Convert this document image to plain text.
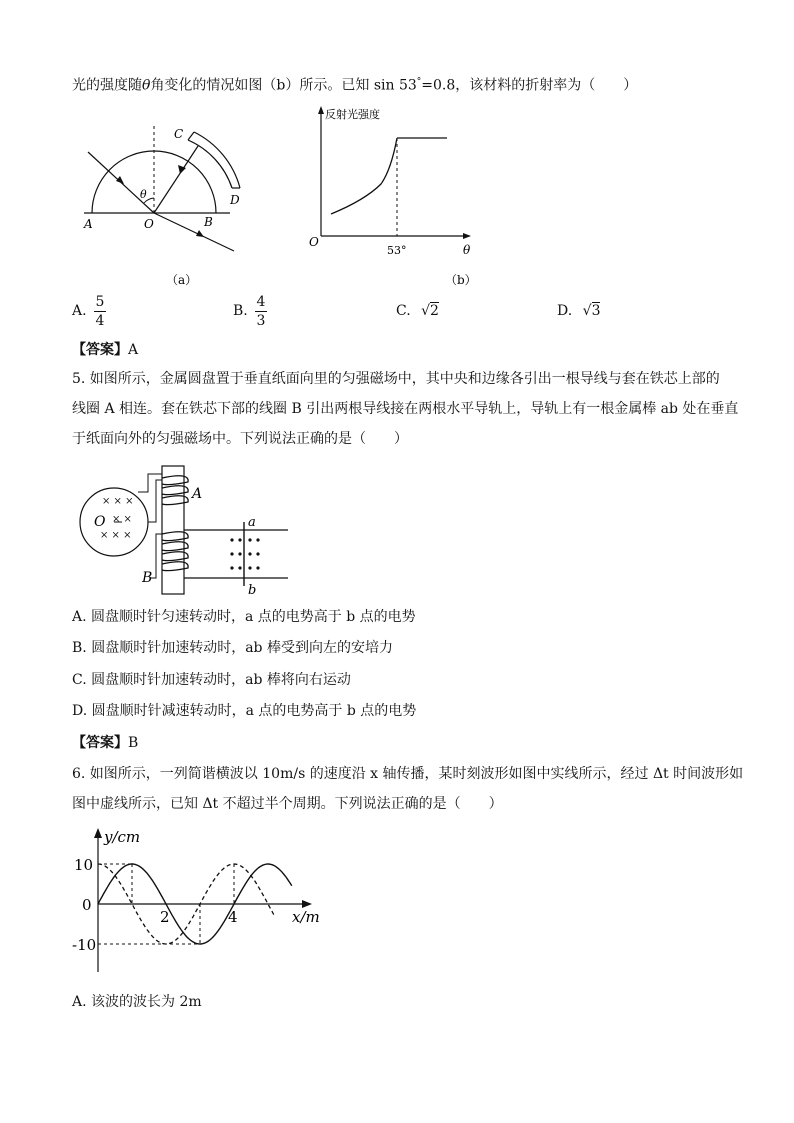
光的强度随θ角变化的情况如图（b）所示。已知 sin 53°=0.8，该材料的折射率为（　　）
C
D
A	O	B
θ
（a）
反射光强度
O
53°	θ
（b）
A.
5
4
B.
4
3
C. √2	D. √3
【答案】A
5. 如图所示，金属圆盘置于垂直纸面向里的匀强磁场中，其中央和边缘各引出一根导线与套在铁芯上部的
线圈 A 相连。套在铁芯下部的线圈 B 引出两根导线接在两根水平导轨上，导轨上有一根金属棒 ab 处在垂直
于纸面向外的匀强磁场中。下列说法正确的是（　　）
× × ×
× ×
× × ×
O
A
B
a
b
A. 圆盘顺时针匀速转动时，a 点的电势高于 b 点的电势
B. 圆盘顺时针加速转动时，ab 棒受到向左的安培力
C. 圆盘顺时针加速转动时，ab 棒将向右运动
D. 圆盘顺时针减速转动时，a 点的电势高于 b 点的电势
【答案】B
6. 如图所示，一列简谐横波以 10m/s 的速度沿 x 轴传播，某时刻波形如图中实线所示，经过 Δt 时间波形如
图中虚线所示，已知 Δt 不超过半个周期。下列说法正确的是（　　）
y/cm
x/m
10
0
-10
2	4
A. 该波的波长为 2m
